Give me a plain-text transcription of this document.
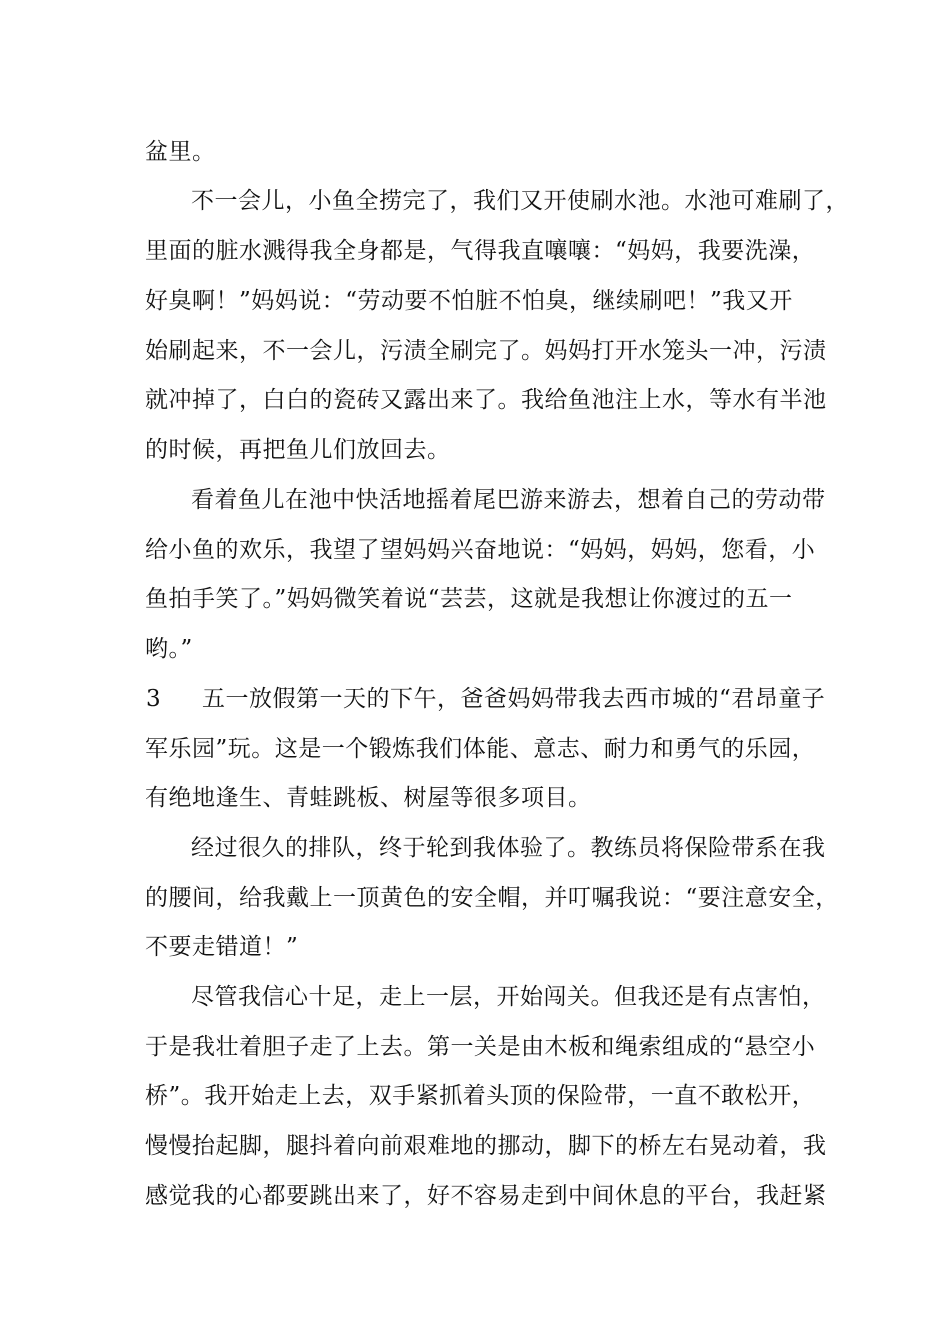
盆里。
不一会儿，小鱼全捞完了，我们又开使刷水池。水池可难刷了，
里面的脏水溅得我全身都是，气得我直嚷嚷：“妈妈，我要洗澡，
好臭啊！”妈妈说：“劳动要不怕脏不怕臭，继续刷吧！”我又开
始刷起来，不一会儿，污渍全刷完了。妈妈打开水笼头一冲，污渍
就冲掉了，白白的瓷砖又露出来了。我给鱼池注上水，等水有半池
的时候，再把鱼儿们放回去。
看着鱼儿在池中快活地摇着尾巴游来游去，想着自己的劳动带
给小鱼的欢乐，我望了望妈妈兴奋地说：“妈妈，妈妈，您看，小
鱼拍手笑了。”妈妈微笑着说“芸芸，这就是我想让你渡过的五一
哟。”
3 五一放假第一天的下午，爸爸妈妈带我去西市城的“君昂童子
军乐园”玩。这是一个锻炼我们体能、意志、耐力和勇气的乐园，
有绝地逢生、青蛙跳板、树屋等很多项目。
经过很久的排队，终于轮到我体验了。教练员将保险带系在我
的腰间，给我戴上一顶黄色的安全帽，并叮嘱我说：“要注意安全，
不要走错道！”
尽管我信心十足，走上一层，开始闯关。但我还是有点害怕，
于是我壮着胆子走了上去。第一关是由木板和绳索组成的“悬空小
桥”。我开始走上去，双手紧抓着头顶的保险带，一直不敢松开，
慢慢抬起脚，腿抖着向前艰难地的挪动，脚下的桥左右晃动着，我
感觉我的心都要跳出来了，好不容易走到中间休息的平台，我赶紧
